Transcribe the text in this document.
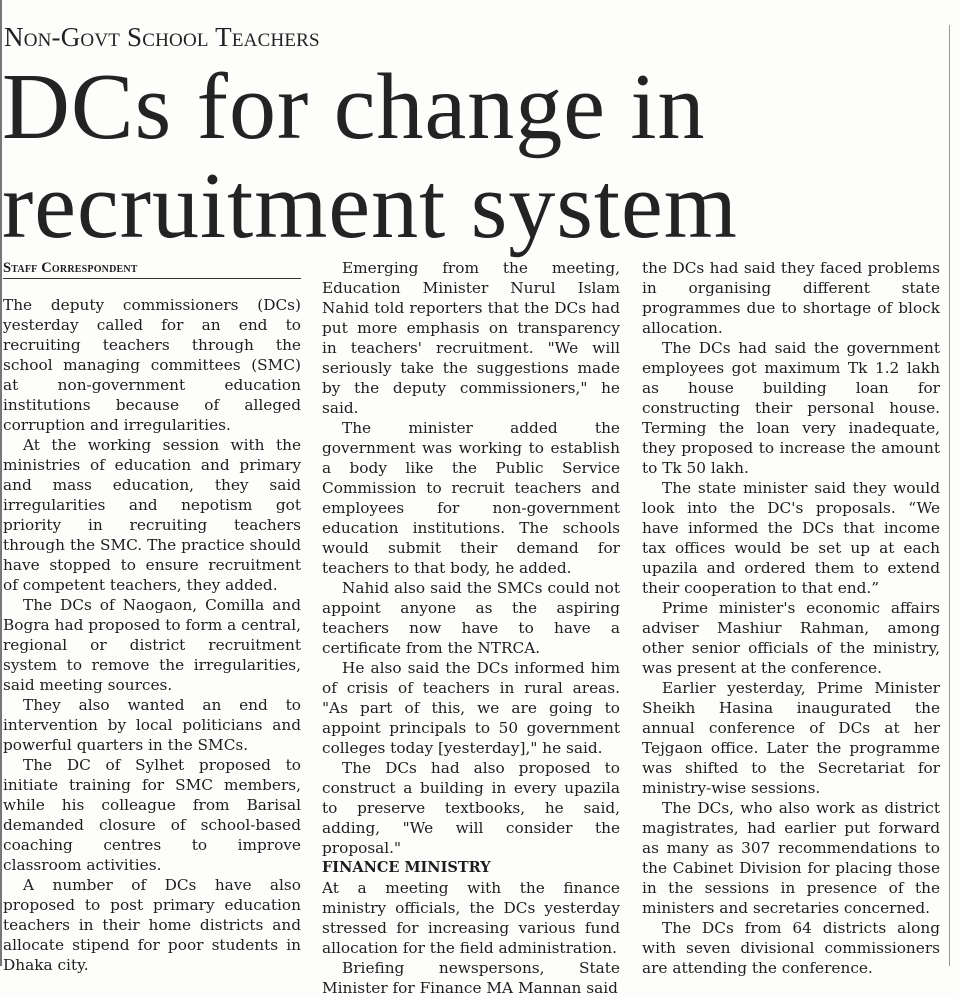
Non-Govt School Teachers
DCs for change in
recruitment system
Staff Correspondent

The deputy commissioners (DCs) yesterday called for an end to recruiting teachers through the school managing committees (SMC) at non-government education institutions because of alleged corruption and irregularities.

At the working session with the ministries of education and primary and mass education, they said irregularities and nepotism got priority in recruiting teachers through the SMC. The practice should have stopped to ensure recruitment of competent teachers, they added.

The DCs of Naogaon, Comilla and Bogra had proposed to form a central, regional or district recruitment system to remove the irregularities, said meeting sources.

They also wanted an end to intervention by local politicians and powerful quarters in the SMCs.

The DC of Sylhet proposed to initiate training for SMC members, while his colleague from Barisal demanded closure of school-based coaching centres to improve classroom activities.

A number of DCs have also proposed to post primary education teachers in their home districts and allocate stipend for poor students in Dhaka city.

Emerging from the meeting, Education Minister Nurul Islam Nahid told reporters that the DCs had put more emphasis on transparency in teachers' recruitment. "We will seriously take the suggestions made by the deputy commissioners," he said.

The minister added the government was working to establish a body like the Public Service Commission to recruit teachers and employees for non-government education institutions. The schools would submit their demand for teachers to that body, he added.

Nahid also said the SMCs could not appoint anyone as the aspiring teachers now have to have a certificate from the NTRCA.

He also said the DCs informed him of crisis of teachers in rural areas. "As part of this, we are going to appoint principals to 50 government colleges today [yesterday]," he said.

The DCs had also proposed to construct a building in every upazila to preserve textbooks, he said, adding, "We will consider the proposal."

FINANCE MINISTRY

At a meeting with the finance ministry officials, the DCs yesterday stressed for increasing various fund allocation for the field administration.

Briefing newspersons, State Minister for Finance MA Mannan said

the DCs had said they faced problems in organising different state programmes due to shortage of block allocation.

The DCs had said the government employees got maximum Tk 1.2 lakh as house building loan for constructing their personal house. Terming the loan very inadequate, they proposed to increase the amount to Tk 50 lakh.

The state minister said they would look into the DC's proposals. “We have informed the DCs that income tax offices would be set up at each upazila and ordered them to extend their cooperation to that end.”

Prime minister's economic affairs adviser Mashiur Rahman, among other senior officials of the ministry, was present at the conference.

Earlier yesterday, Prime Minister Sheikh Hasina inaugurated the annual conference of DCs at her Tejgaon office. Later the programme was shifted to the Secretariat for ministry-wise sessions.

The DCs, who also work as district magistrates, had earlier put forward as many as 307 recommendations to the Cabinet Division for placing those in the sessions in presence of the ministers and secretaries concerned.

The DCs from 64 districts along with seven divisional commissioners are attending the conference.
